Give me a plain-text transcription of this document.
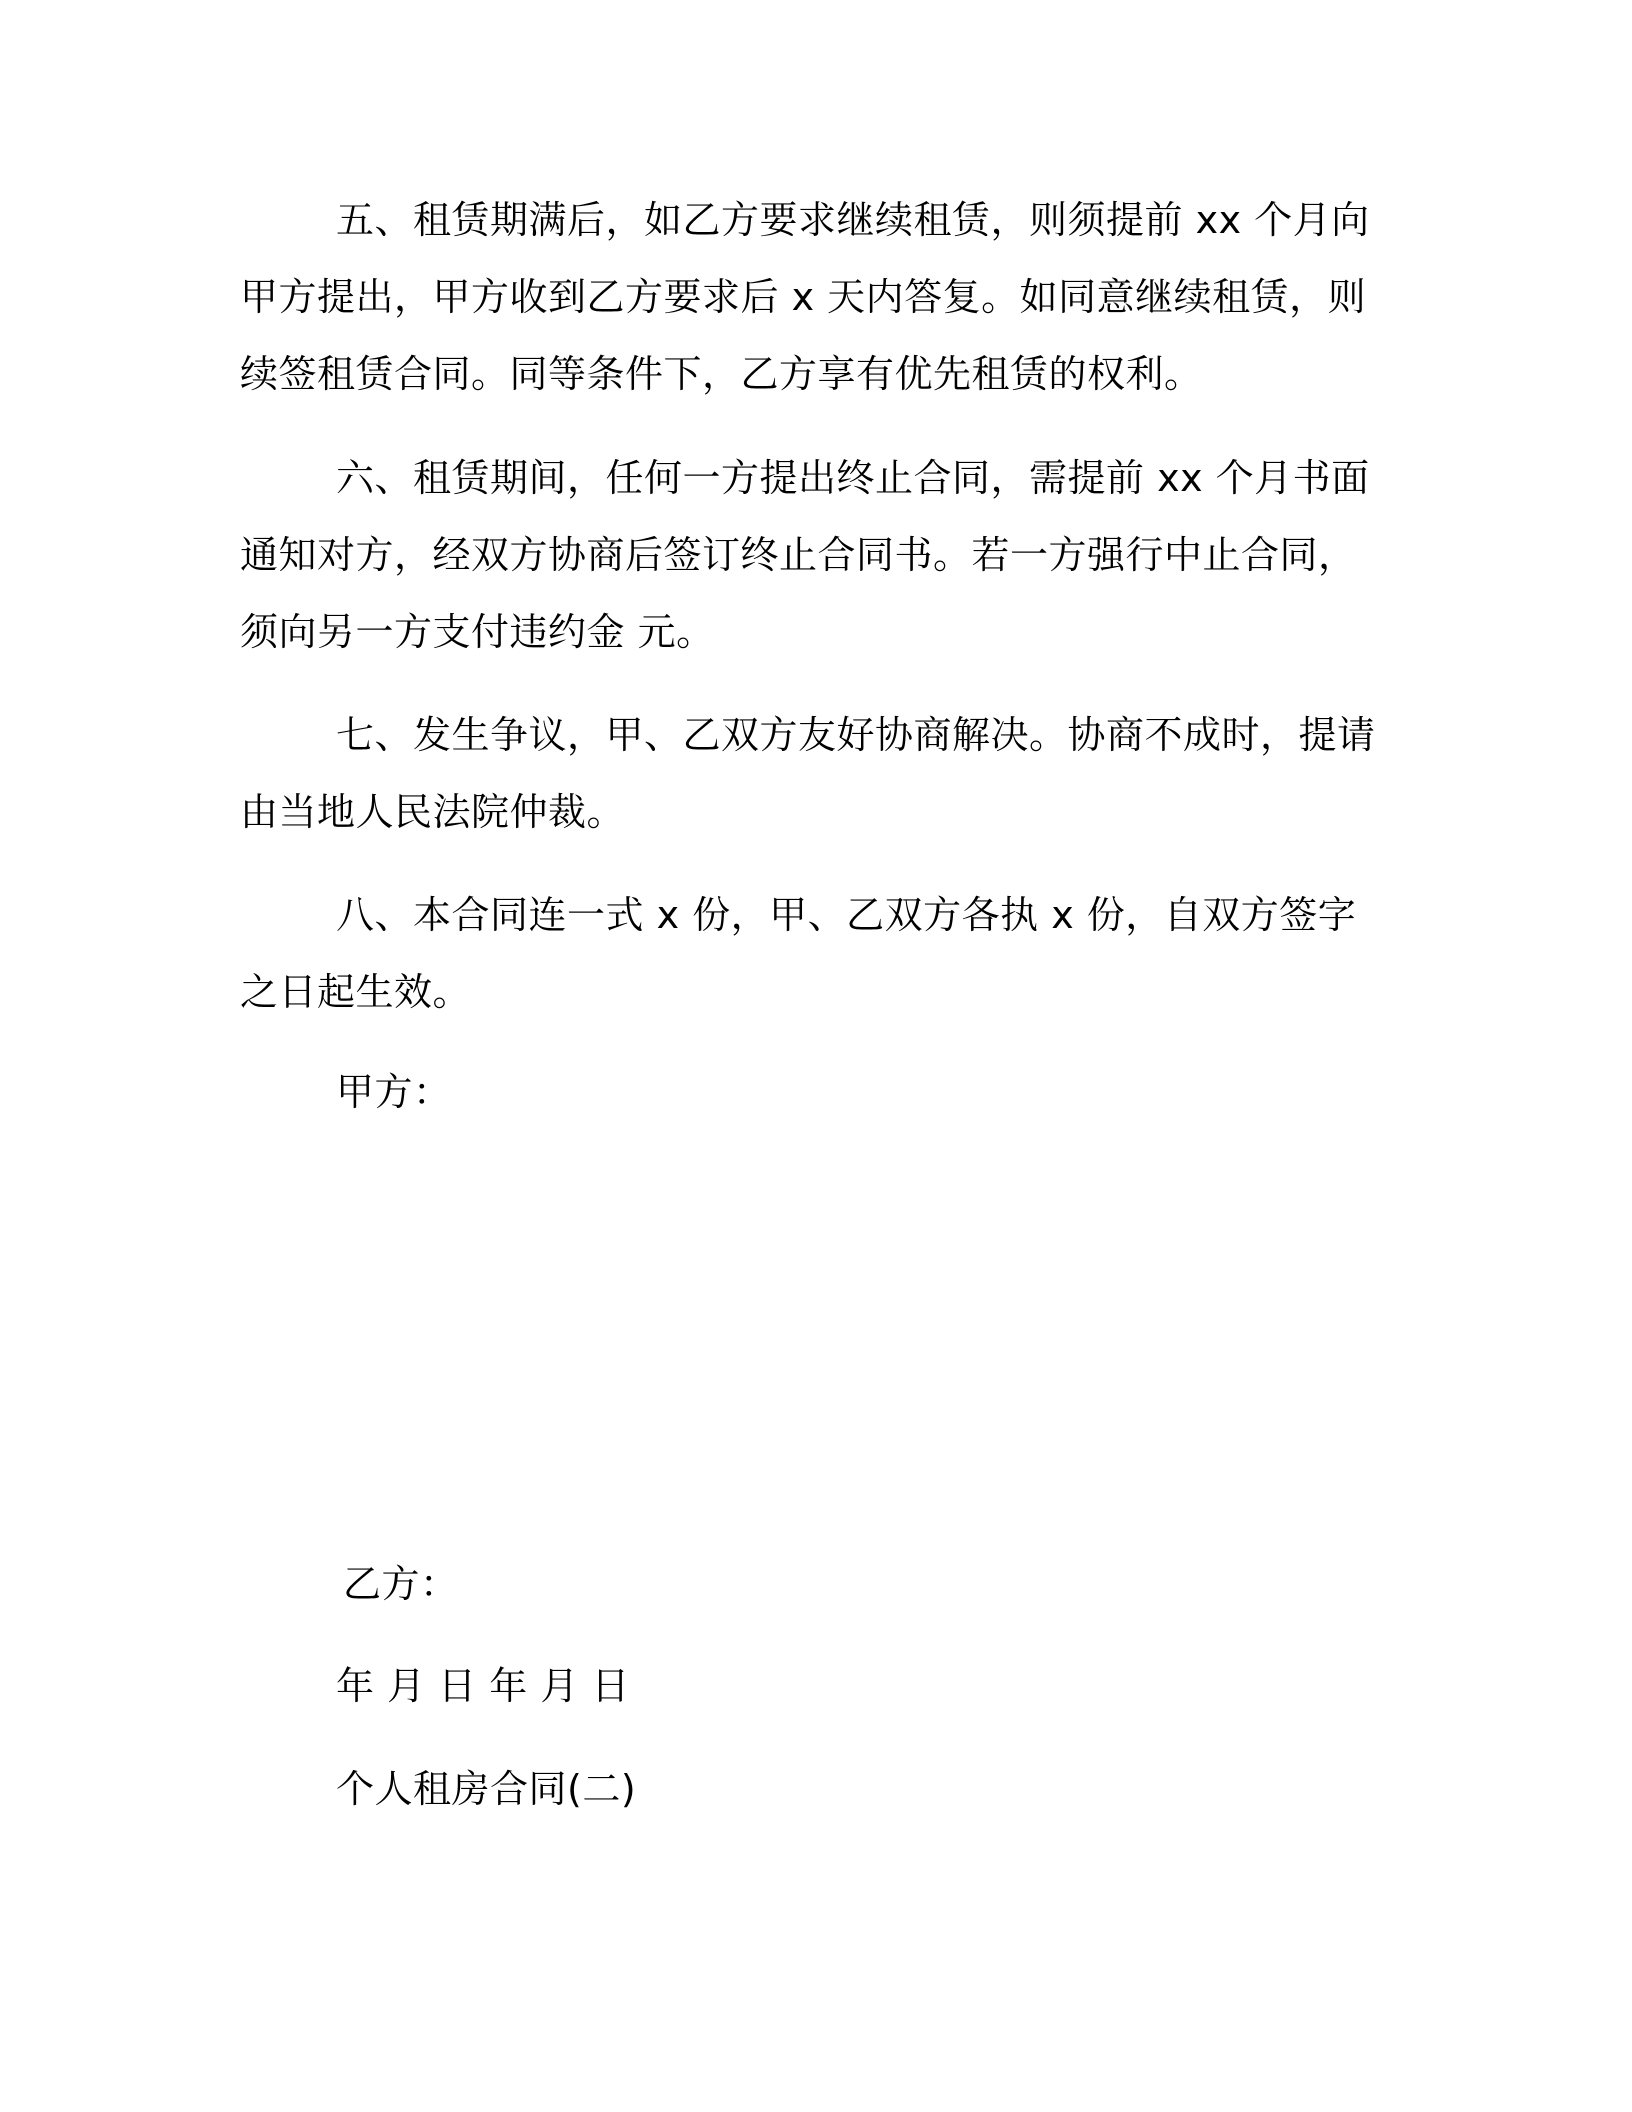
五、租赁期满后，如乙方要求继续租赁，则须提前 xx 个月向甲方提出，甲方收到乙方要求后 x 天内答复。如同意继续租赁，则续签租赁合同。同等条件下，乙方享有优先租赁的权利。

六、租赁期间，任何一方提出终止合同，需提前 xx 个月书面通知对方，经双方协商后签订终止合同书。若一方强行中止合同，须向另一方支付违约金 元。

七、发生争议，甲、乙双方友好协商解决。协商不成时，提请由当地人民法院仲裁。

八、本合同连一式 x 份，甲、乙双方各执 x 份，自双方签字之日起生效。

甲方：

乙方：

年 月 日 年 月 日

个人租房合同(二)
